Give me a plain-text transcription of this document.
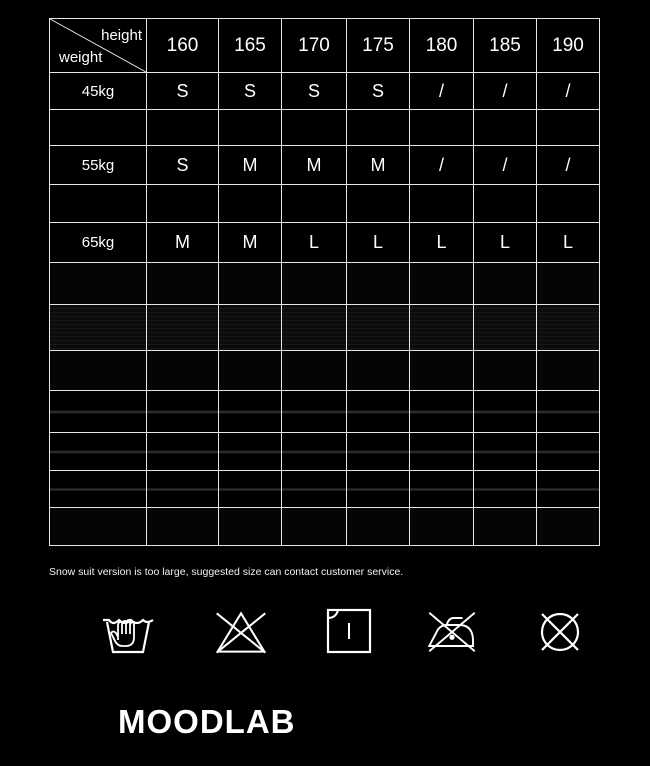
height
weight	160	165	170	175	180	185	190
45kg	S	S	S	S	/	/	/

55kg	S	M	M	M	/	/	/

65kg	M	M	L	L	L	L	L

Snow suit version is too large, suggested size can contact customer service.
MOODLAB
